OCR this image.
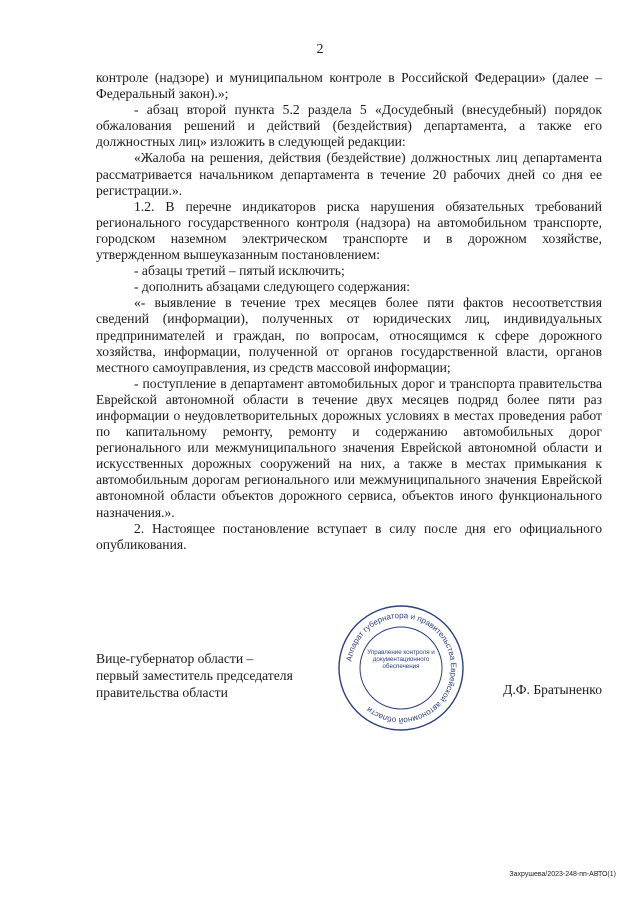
2

контроле (надзоре) и муниципальном контроле в Российской Федерации» (далее – Федеральный закон).»;

- абзац второй пункта 5.2 раздела 5 «Досудебный (внесудебный) порядок обжалования решений и действий (бездействия) департамента, а также его должностных лиц» изложить в следующей редакции:

«Жалоба на решения, действия (бездействие) должностных лиц департамента рассматривается начальником департамента в течение 20 рабочих дней со дня ее регистрации.».

1.2. В перечне индикаторов риска нарушения обязательных требований регионального государственного контроля (надзора) на автомобильном транспорте, городском наземном электрическом транспорте и в дорожном хозяйстве, утвержденном вышеуказанным постановлением:

- абзацы третий – пятый исключить;

- дополнить абзацами следующего содержания:

«- выявление в течение трех месяцев более пяти фактов несоответствия сведений (информации), полученных от юридических лиц, индивидуальных предпринимателей и граждан, по вопросам, относящимся к сфере дорожного хозяйства, информации, полученной от органов государственной власти, органов местного самоуправления, из средств массовой информации;

- поступление в департамент автомобильных дорог и транспорта правительства Еврейской автономной области в течение двух месяцев подряд более пяти раз информации о неудовлетворительных дорожных условиях в местах проведения работ по капитальному ремонту, ремонту и содержанию автомобильных дорог регионального или межмуниципального значения Еврейской автономной области и искусственных дорожных сооружений на них, а также в местах примыкания к автомобильным дорогам регионального или межмуниципального значения Еврейской автономной области объектов дорожного сервиса, объектов иного функционального назначения.».

2. Настоящее постановление вступает в силу после дня его официального опубликования.

Вице-губернатор области –
первый заместитель председателя
правительства области
Аппарат губернатора и правительства Еврейской автономной области
Управление контроля и документационного обеспечения
Д.Ф. Братыненко
Захрушева/2023-248-пп-АВТО(1)
